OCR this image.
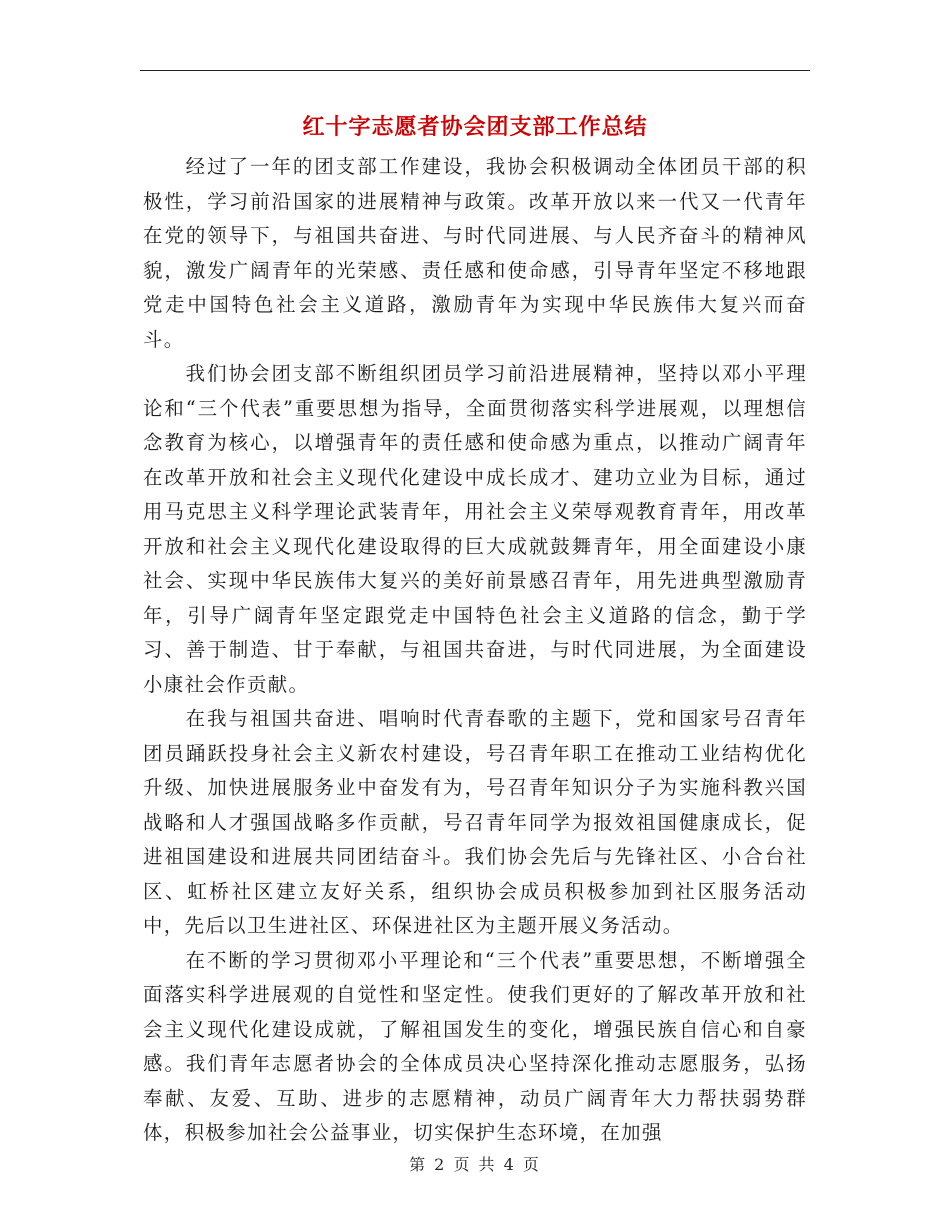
红十字志愿者协会团支部工作总结

经过了一年的团支部工作建设，我协会积极调动全体团员干部的积极性，学习前沿国家的进展精神与政策。改革开放以来一代又一代青年在党的领导下，与祖国共奋进、与时代同进展、与人民齐奋斗的精神风貌，激发广阔青年的光荣感、责任感和使命感，引导青年坚定不移地跟党走中国特色社会主义道路，激励青年为实现中华民族伟大复兴而奋斗。

我们协会团支部不断组织团员学习前沿进展精神，坚持以邓小平理论和“三个代表”重要思想为指导，全面贯彻落实科学进展观，以理想信念教育为核心，以增强青年的责任感和使命感为重点，以推动广阔青年在改革开放和社会主义现代化建设中成长成才、建功立业为目标，通过用马克思主义科学理论武装青年，用社会主义荣辱观教育青年，用改革开放和社会主义现代化建设取得的巨大成就鼓舞青年，用全面建设小康社会、实现中华民族伟大复兴的美好前景感召青年，用先进典型激励青年，引导广阔青年坚定跟党走中国特色社会主义道路的信念，勤于学习、善于制造、甘于奉献，与祖国共奋进，与时代同进展，为全面建设小康社会作贡献。

在我与祖国共奋进、唱响时代青春歌的主题下，党和国家号召青年团员踊跃投身社会主义新农村建设，号召青年职工在推动工业结构优化升级、加快进展服务业中奋发有为，号召青年知识分子为实施科教兴国战略和人才强国战略多作贡献，号召青年同学为报效祖国健康成长，促进祖国建设和进展共同团结奋斗。我们协会先后与先锋社区、小合台社区、虹桥社区建立友好关系，组织协会成员积极参加到社区服务活动中，先后以卫生进社区、环保进社区为主题开展义务活动。

在不断的学习贯彻邓小平理论和“三个代表”重要思想，不断增强全面落实科学进展观的自觉性和坚定性。使我们更好的了解改革开放和社会主义现代化建设成就，了解祖国发生的变化，增强民族自信心和自豪感。我们青年志愿者协会的全体成员决心坚持深化推动志愿服务，弘扬奉献、友爱、互助、进步的志愿精神，动员广阔青年大力帮扶弱势群体，积极参加社会公益事业，切实保护生态环境，在加强

第 2 页 共 4 页
